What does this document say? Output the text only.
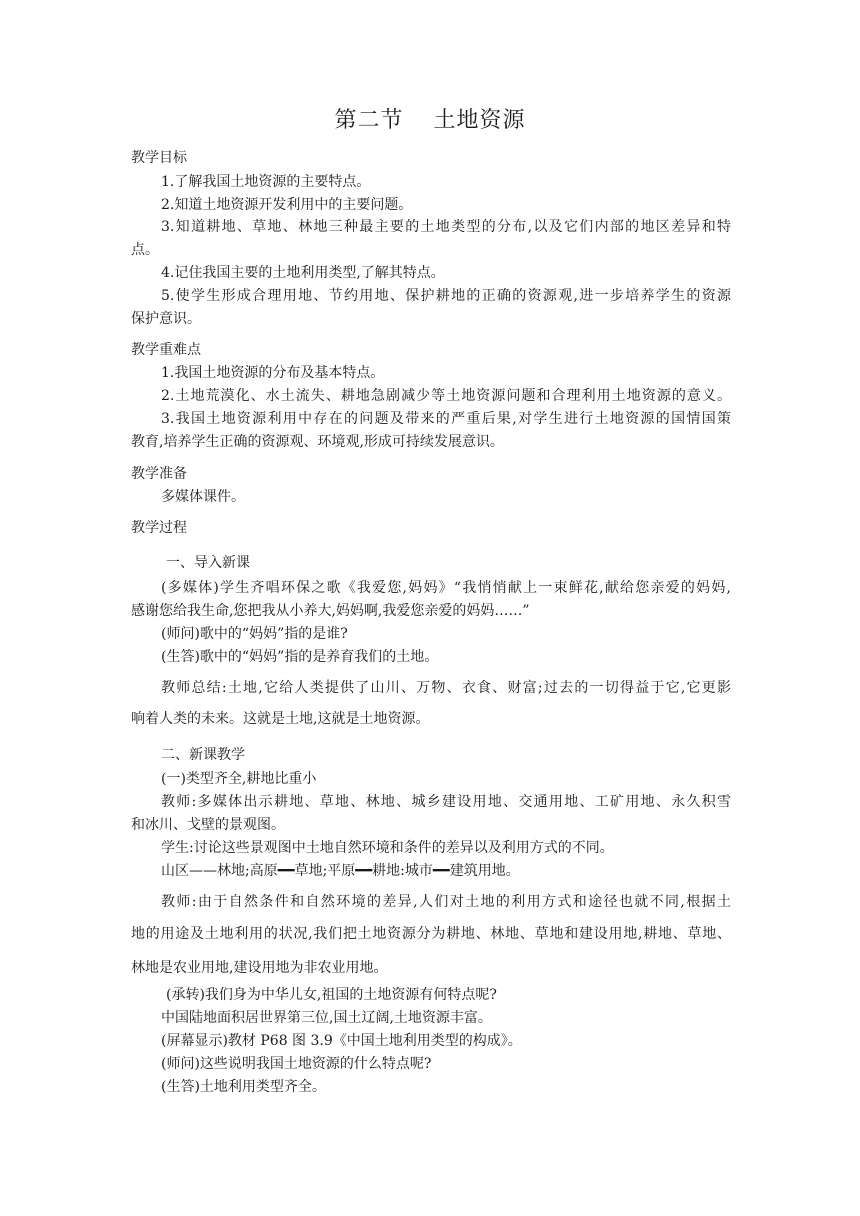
第二节 土地资源
教学目标
1.了解我国土地资源的主要特点。
2.知道土地资源开发利用中的主要问题。
3.知道耕地、草地、林地三种最主要的土地类型的分布,以及它们内部的地区差异和特
点。
4.记住我国主要的土地利用类型,了解其特点。
5.使学生形成合理用地、节约用地、保护耕地的正确的资源观,进一步培养学生的资源
保护意识。
教学重难点
1.我国土地资源的分布及基本特点。
2.土地荒漠化、水土流失、耕地急剧减少等土地资源问题和合理利用土地资源的意义。
3.我国土地资源利用中存在的问题及带来的严重后果,对学生进行土地资源的国情国策
教育,培养学生正确的资源观、环境观,形成可持续发展意识。
教学准备
多媒体课件。
教学过程
一、导入新课
(多媒体)学生齐唱环保之歌《我爱您,妈妈》“我悄悄献上一束鲜花,献给您亲爱的妈妈,
感谢您给我生命,您把我从小养大,妈妈啊,我爱您亲爱的妈妈……”
(师问)歌中的“妈妈”指的是谁?
(生答)歌中的“妈妈”指的是养育我们的土地。
教师总结:土地,它给人类提供了山川、万物、衣食、财富;过去的一切得益于它,它更影
响着人类的未来。这就是土地,这就是土地资源。
二、新课教学
(一)类型齐全,耕地比重小
教师:多媒体出示耕地、草地、林地、城乡建设用地、交通用地、工矿用地、永久积雪
和冰川、戈壁的景观图。
学生:讨论这些景观图中土地自然环境和条件的差异以及利用方式的不同。
山区——林地;高原━━草地;平原━━耕地:城市━━建筑用地。
教师:由于自然条件和自然环境的差异,人们对土地的利用方式和途径也就不同,根据土
地的用途及土地利用的状况,我们把土地资源分为耕地、林地、草地和建设用地,耕地、草地、
林地是农业用地,建设用地为非农业用地。
(承转)我们身为中华儿女,祖国的土地资源有何特点呢?
中国陆地面积居世界第三位,国土辽阔,土地资源丰富。
(屏幕显示)教材 P68 图 3.9《中国土地利用类型的构成》。
(师问)这些说明我国土地资源的什么特点呢?
(生答)土地利用类型齐全。
